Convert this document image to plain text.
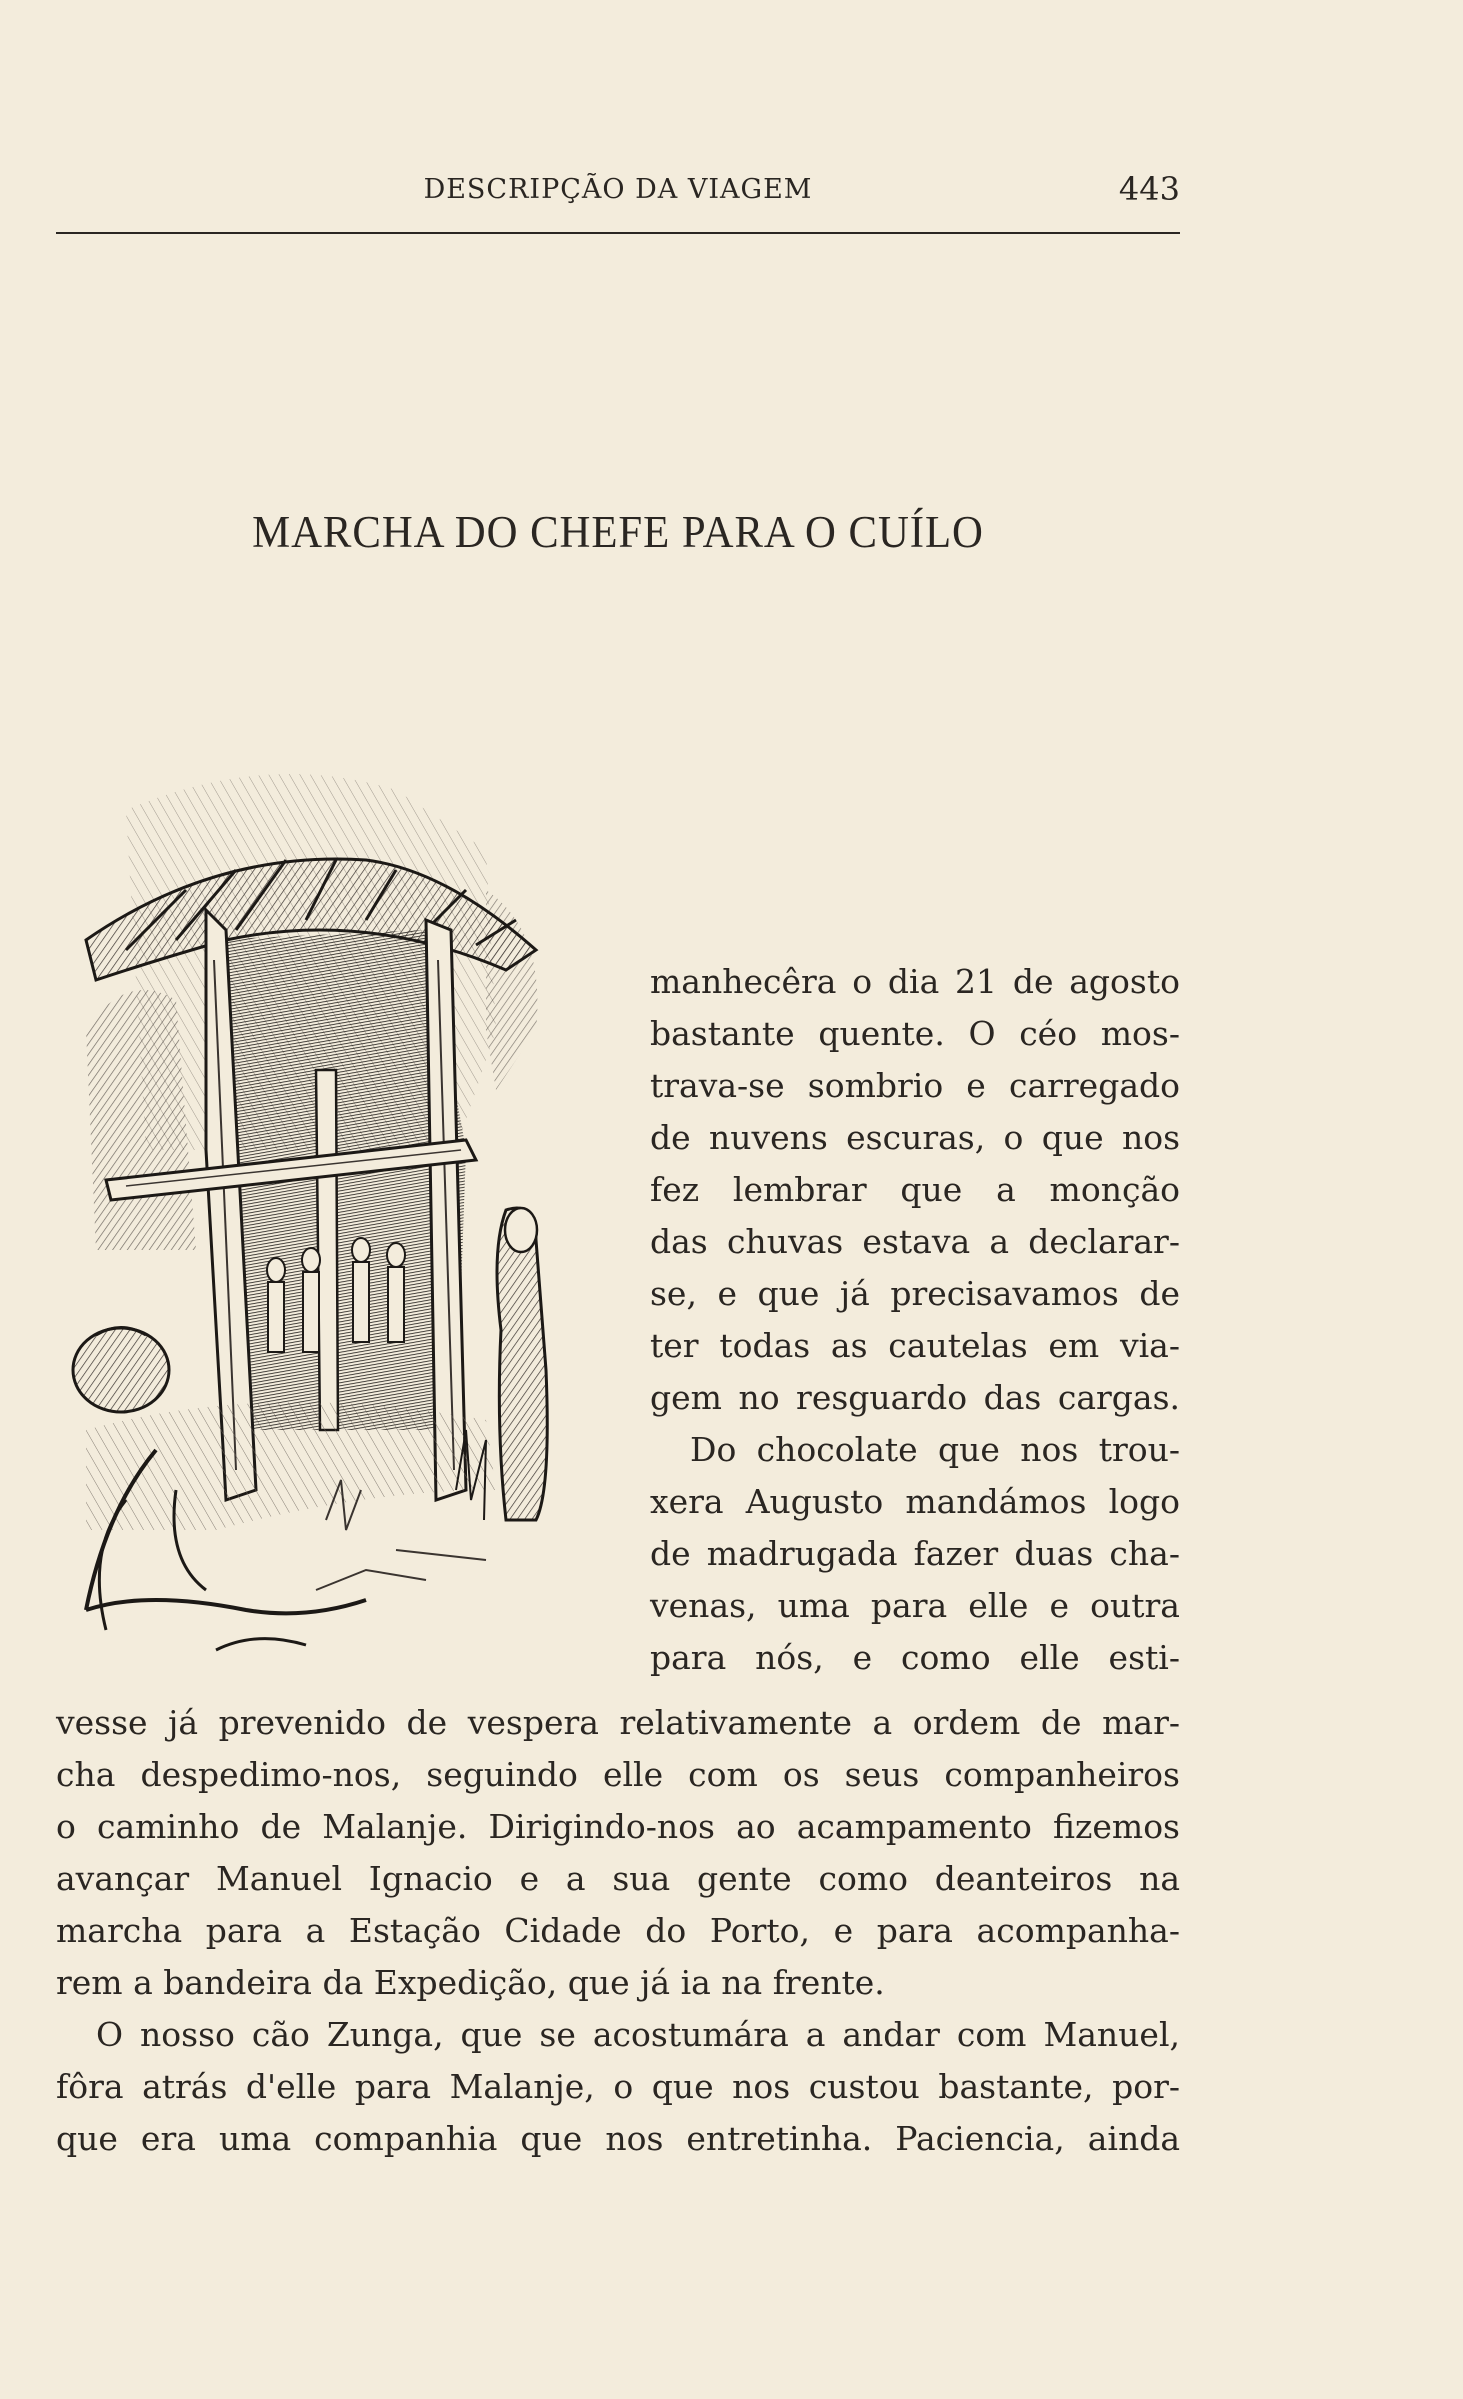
DESCRIPÇÃO DA VIAGEM	443
MARCHA DO CHEFE PARA O CUÍLO
manhecêra o dia 21 de agosto
bastante quente. O céo mos-
trava-se sombrio e carregado
de nuvens escuras, o que nos
fez lembrar que a monção
das chuvas estava a declarar-
se, e que já precisavamos de
ter todas as cautelas em via-
gem no resguardo das cargas.
Do chocolate que nos trou-
xera Augusto mandámos logo
de madrugada fazer duas cha-
venas, uma para elle e outra
para nós, e como elle esti-
vesse já prevenido de vespera relativamente a ordem de mar-
cha despedimo-nos, seguindo elle com os seus companheiros
o caminho de Malanje. Dirigindo-nos ao acampamento fizemos
avançar Manuel Ignacio e a sua gente como deanteiros na
marcha para a Estação Cidade do Porto, e para acompanha-
rem a bandeira da Expedição, que já ia na frente.
O nosso cão Zunga, que se acostumára a andar com Manuel,
fôra atrás d'elle para Malanje, o que nos custou bastante, por-
que era uma companhia que nos entretinha. Paciencia, ainda
